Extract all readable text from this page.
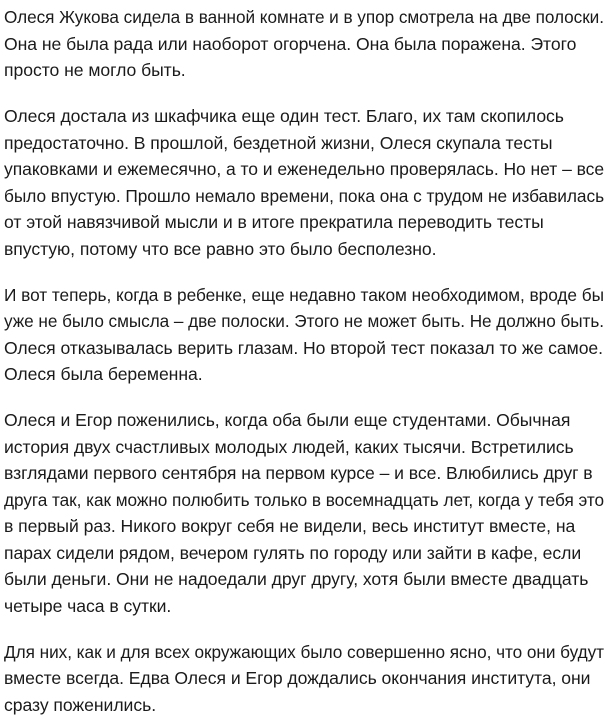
Олеся Жукова сидела в ванной комнате и в упор смотрела на две полоски.
Она не была рада или наоборот огорчена. Она была поражена. Этого
просто не могло быть.

Олеся достала из шкафчика еще один тест. Благо, их там скопилось
предостаточно. В прошлой, бездетной жизни, Олеся скупала тесты
упаковками и ежемесячно, а то и еженедельно проверялась. Но нет – все
было впустую. Прошло немало времени, пока она с трудом не избавилась
от этой навязчивой мысли и в итоге прекратила переводить тесты
впустую, потому что все равно это было бесполезно.

И вот теперь, когда в ребенке, еще недавно таком необходимом, вроде бы
уже не было смысла – две полоски. Этого не может быть. Не должно быть.
Олеся отказывалась верить глазам. Но второй тест показал то же самое.
Олеся была беременна.

Олеся и Егор поженились, когда оба были еще студентами. Обычная
история двух счастливых молодых людей, каких тысячи. Встретились
взглядами первого сентября на первом курсе – и все. Влюбились друг в
друга так, как можно полюбить только в восемнадцать лет, когда у тебя это
в первый раз. Никого вокруг себя не видели, весь институт вместе, на
парах сидели рядом, вечером гулять по городу или зайти в кафе, если
были деньги. Они не надоедали друг другу, хотя были вместе двадцать
четыре часа в сутки.

Для них, как и для всех окружающих было совершенно ясно, что они будут
вместе всегда. Едва Олеся и Егор дождались окончания института, они
сразу поженились.
